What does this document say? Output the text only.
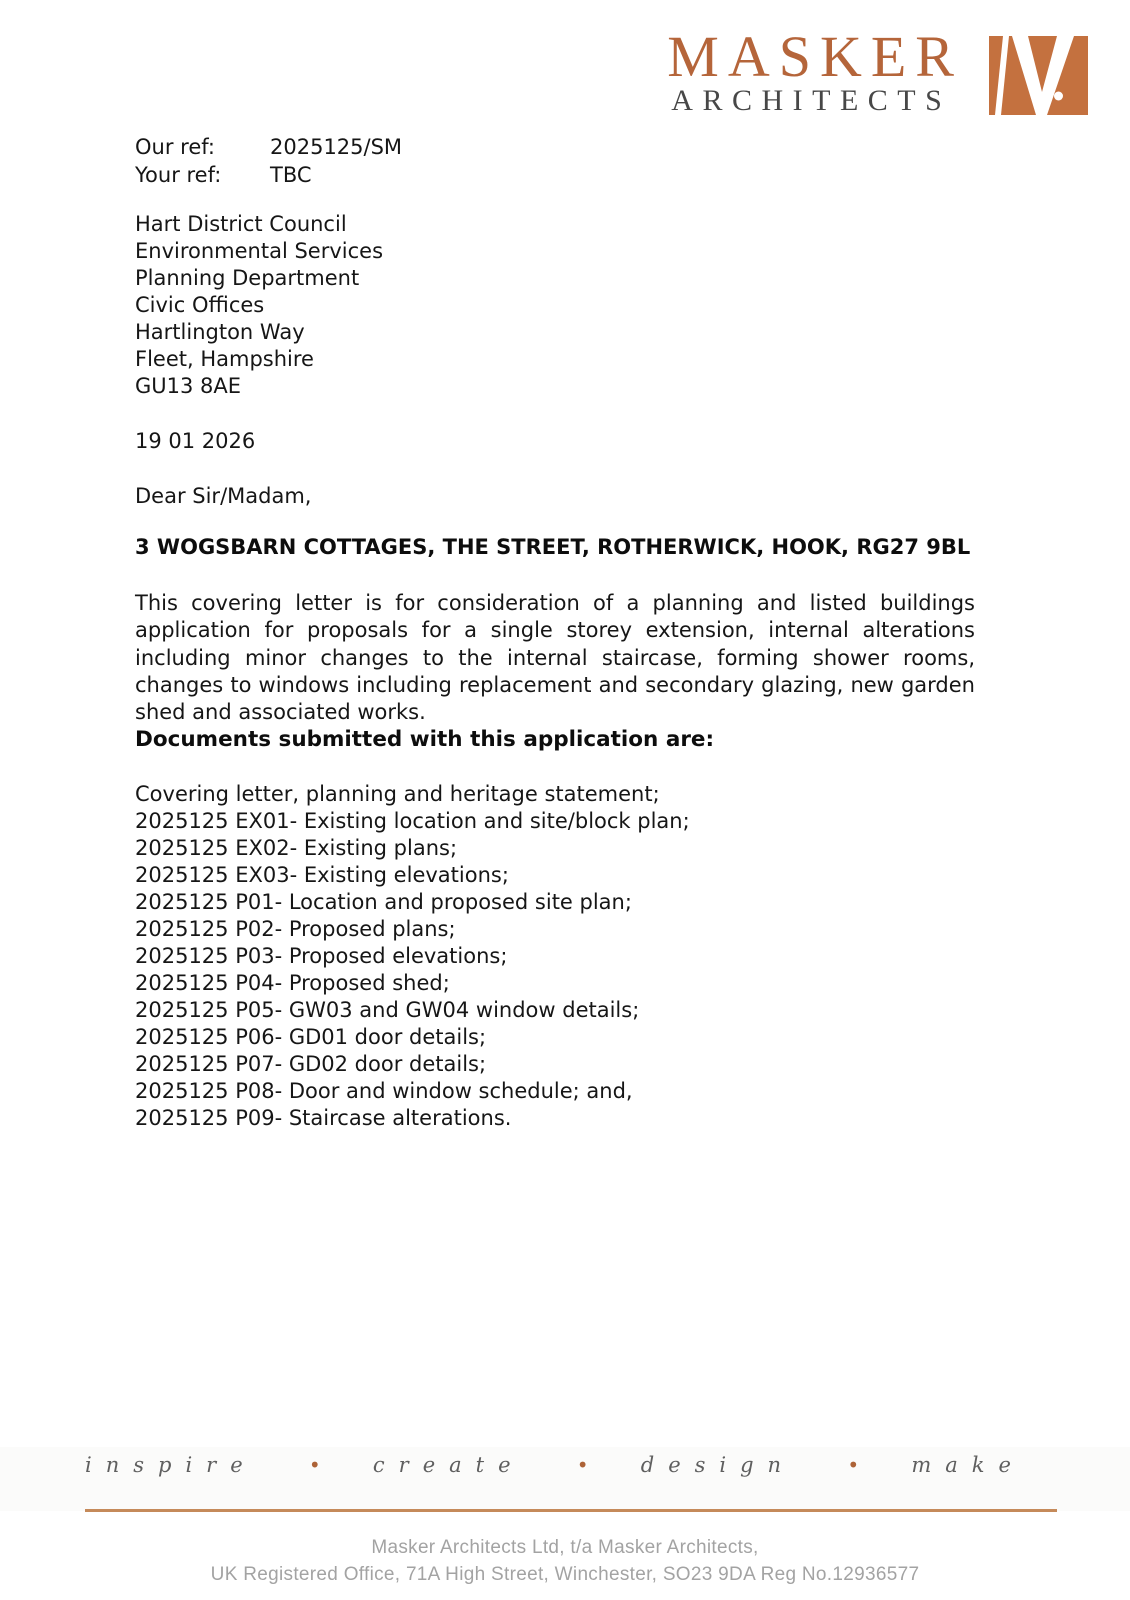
MASKER
ARCHITECTS
Our ref:	2025125/SM
Your ref:	TBC
Hart District Council
Environmental Services
Planning Department
Civic Offices
Hartlington Way
Fleet, Hampshire
GU13 8AE
19 01 2026
Dear Sir/Madam,
3 WOGSBARN COTTAGES, THE STREET, ROTHERWICK, HOOK, RG27 9BL
This covering letter is for consideration of a planning and listed buildings application for proposals for a single storey extension, internal alterations including minor changes to the internal staircase, forming shower rooms, changes to windows including replacement and secondary glazing, new garden shed and associated works.
Documents submitted with this application are:
Covering letter, planning and heritage statement;
2025125 EX01- Existing location and site/block plan;
2025125 EX02- Existing plans;
2025125 EX03- Existing elevations;
2025125 P01- Location and proposed site plan;
2025125 P02- Proposed plans;
2025125 P03- Proposed elevations;
2025125 P04- Proposed shed;
2025125 P05- GW03 and GW04 window details;
2025125 P06- GD01 door details;
2025125 P07- GD02 door details;
2025125 P08- Door and window schedule; and,
2025125 P09- Staircase alterations.
inspire	• create	• design	• make
Masker Architects Ltd, t/a Masker Architects,
UK Registered Office, 71A High Street, Winchester, SO23 9DA Reg No.12936577
